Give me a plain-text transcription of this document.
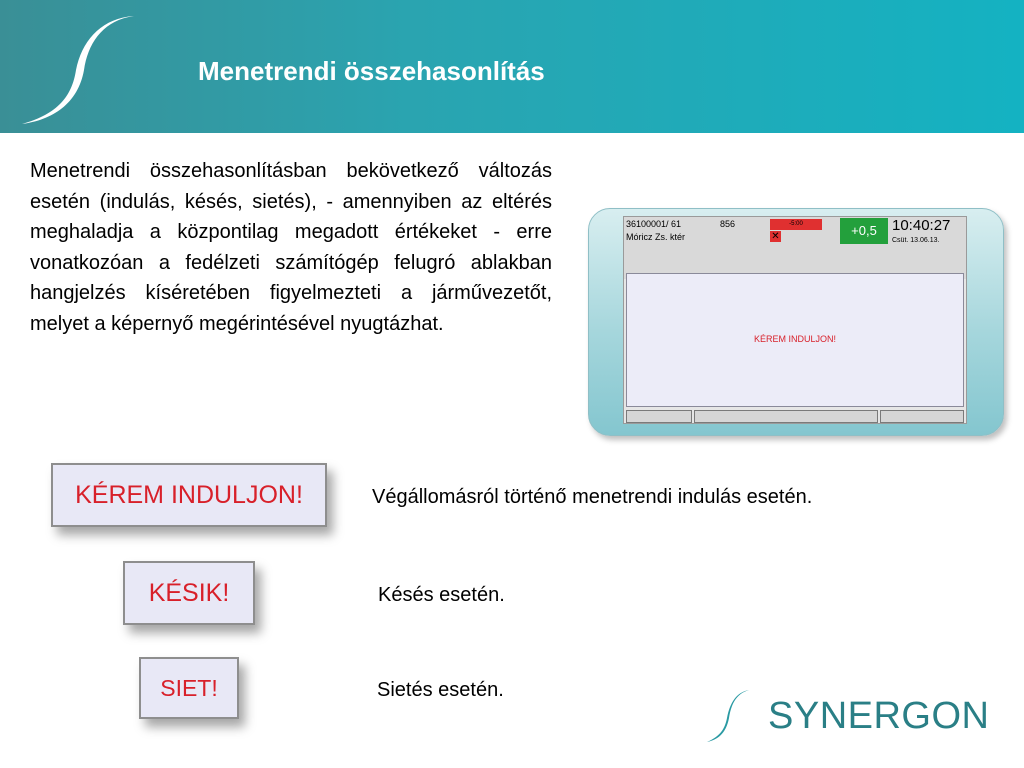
Menetrendi összehasonlítás

Menetrendi összehasonlításban bekövetkező változás esetén (indulás, késés, sietés), - amennyiben az eltérés meghaladja a központilag megadott értékeket - erre vonatkozóan a fedélzeti számítógép felugró ablakban hangjelzés kíséretében figyelmezteti a járművezetőt, melyet a képernyő megérintésével nyugtázhat.

36100001/ 61	856
Móricz Zs. ktér
-5:00
✕	+0,5	10:40:27
Csüt. 13.06.13.
KÉREM INDULJON!
KÉREM INDULJON!	Végállomásról történő menetrendi indulás esetén.
KÉSIK!	Késés esetén.
SIET!	Sietés esetén.
SYNERGON
